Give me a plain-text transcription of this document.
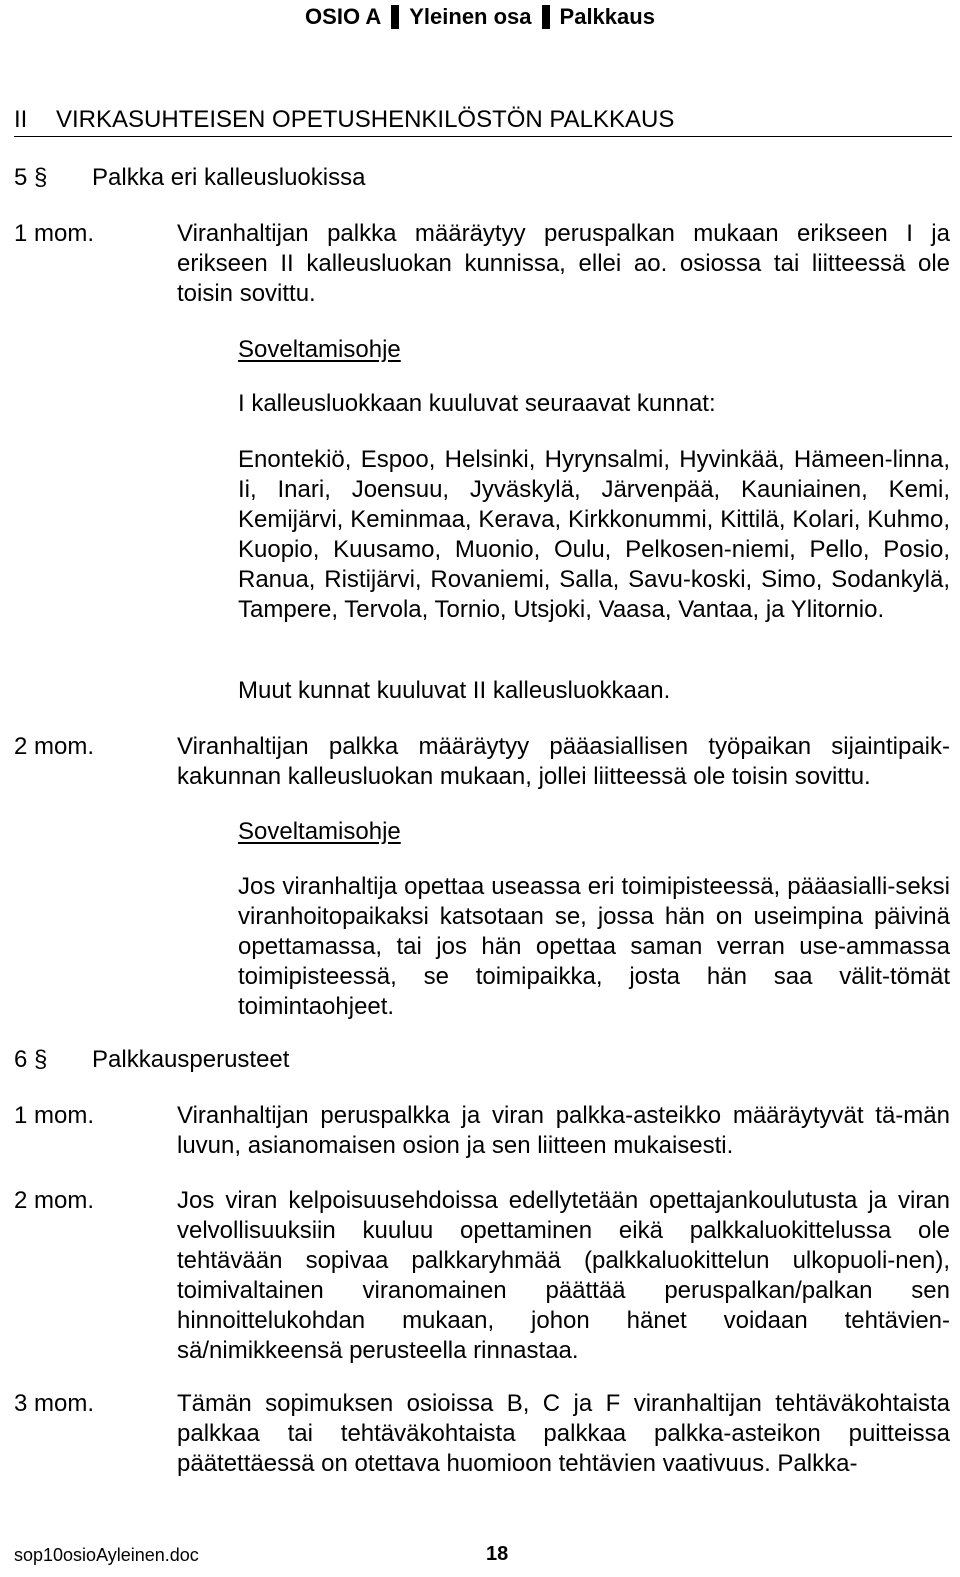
OSIO A Yleinen osa Palkkaus
II VIRKASUHTEISEN OPETUSHENKILÖSTÖN PALKKAUS
5 § Palkka eri kalleusluokissa
1 mom.	Viranhaltijan palkka määräytyy peruspalkan mukaan erikseen I ja erikseen II kalleusluokan kunnissa, ellei ao. osiossa tai liitteessä ole toisin sovittu.
Soveltamisohje
I kalleusluokkaan kuuluvat seuraavat kunnat:
Enontekiö, Espoo, Helsinki, Hyrynsalmi, Hyvinkää, Hämeen-linna, Ii, Inari, Joensuu, Jyväskylä, Järvenpää, Kauniainen, Kemi, Kemijärvi, Keminmaa, Kerava, Kirkkonummi, Kittilä, Kolari, Kuhmo, Kuopio, Kuusamo, Muonio, Oulu, Pelkosen-niemi, Pello, Posio, Ranua, Ristijärvi, Rovaniemi, Salla, Savu-koski, Simo, Sodankylä, Tampere, Tervola, Tornio, Utsjoki, Vaasa, Vantaa, ja Ylitornio.
Muut kunnat kuuluvat II kalleusluokkaan.
2 mom.	Viranhaltijan palkka määräytyy pääasiallisen työpaikan sijaintipaik-kakunnan kalleusluokan mukaan, jollei liitteessä ole toisin sovittu.
Soveltamisohje
Jos viranhaltija opettaa useassa eri toimipisteessä, pääasialli-seksi viranhoitopaikaksi katsotaan se, jossa hän on useimpina päivinä opettamassa, tai jos hän opettaa saman verran use-ammassa toimipisteessä, se toimipaikka, josta hän saa välit-tömät toimintaohjeet.
6 § Palkkausperusteet
1 mom.	Viranhaltijan peruspalkka ja viran palkka-asteikko määräytyvät tä-män luvun, asianomaisen osion ja sen liitteen mukaisesti.
2 mom.	Jos viran kelpoisuusehdoissa edellytetään opettajankoulutusta ja viran velvollisuuksiin kuuluu opettaminen eikä palkkaluokittelussa ole tehtävään sopivaa palkkaryhmää (palkkaluokittelun ulkopuoli-nen), toimivaltainen viranomainen päättää peruspalkan/palkan sen hinnoittelukohdan mukaan, johon hänet voidaan tehtävien-sä/nimikkeensä perusteella rinnastaa.
3 mom.	Tämän sopimuksen osioissa B, C ja F viranhaltijan tehtäväkohtaista palkkaa tai tehtäväkohtaista palkkaa palkka-asteikon puitteissa päätettäessä on otettava huomioon tehtävien vaativuus. Palkka-
sop10osioAyleinen.doc	18
